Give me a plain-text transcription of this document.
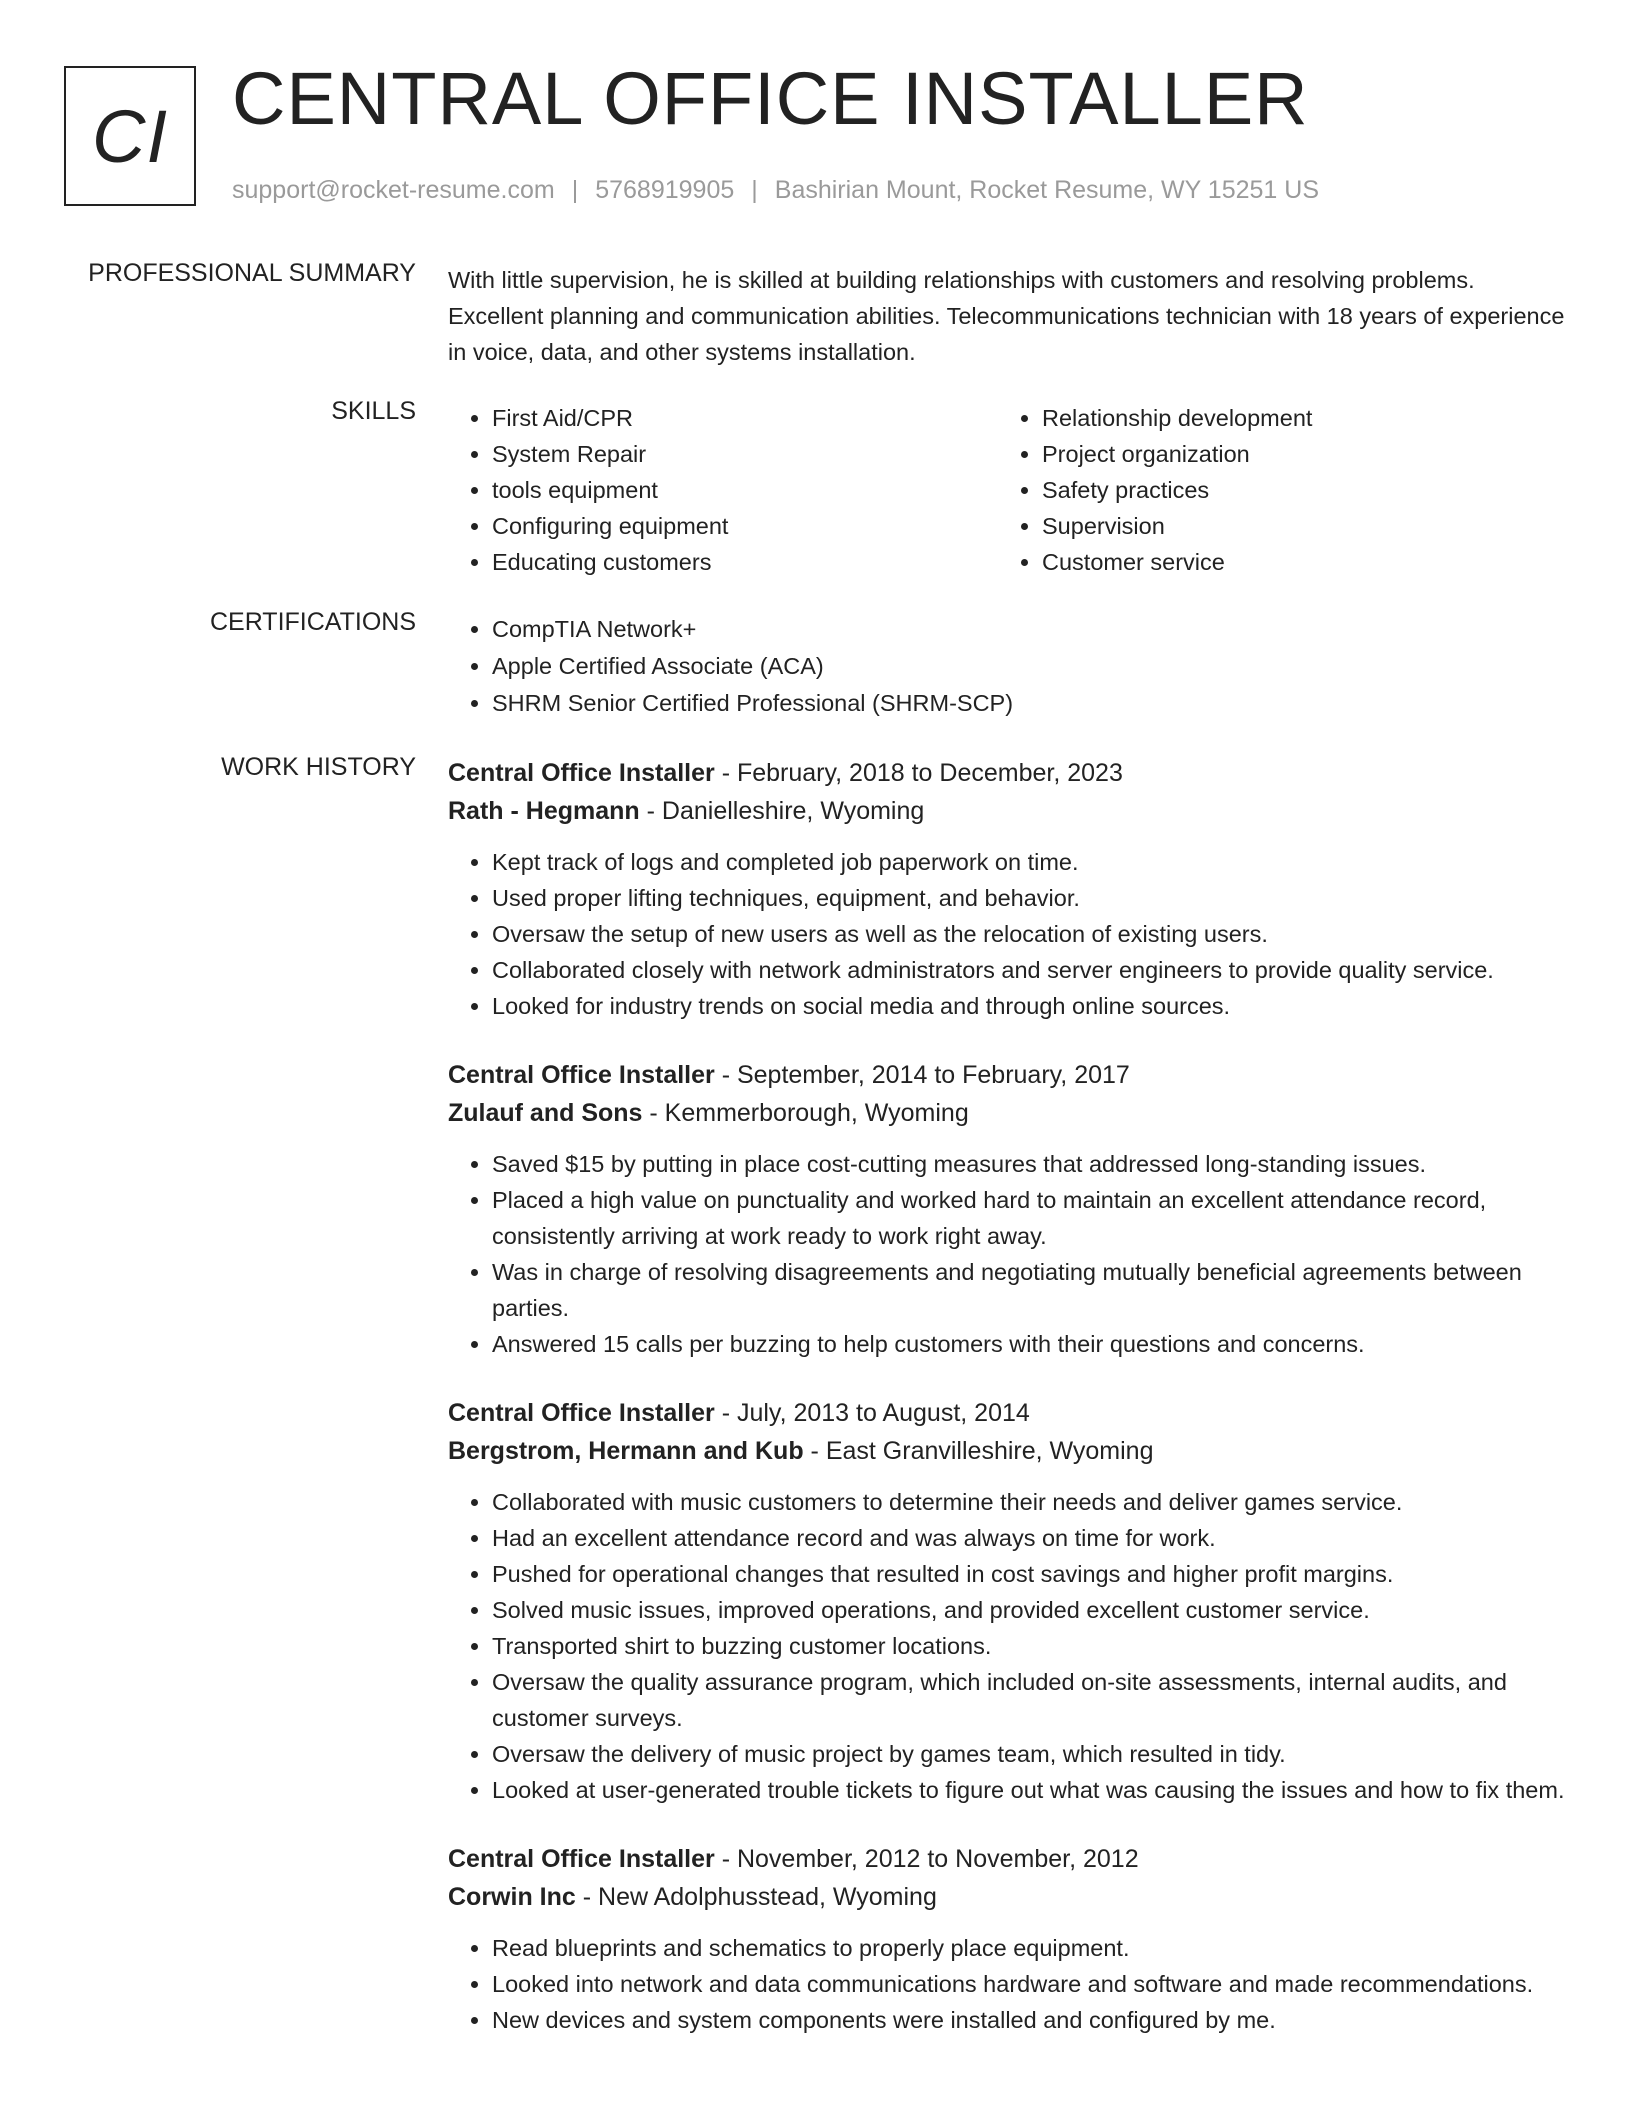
CI CENTRAL OFFICE INSTALLER
support@rocket-resume.com | 5768919905 | Bashirian Mount, Rocket Resume, WY 15251 US
PROFESSIONAL SUMMARY With little supervision, he is skilled at building relationships with customers and resolving problems. Excellent planning and communication abilities. Telecommunications technician with 18 years of experience in voice, data, and other systems installation.

SKILLS	• First Aid/CPR
• System Repair
• tools equipment
• Configuring equipment
• Educating customers
• Relationship development
• Project organization
• Safety practices
• Supervision
• Customer service
CERTIFICATIONS	• CompTIA Network+
• Apple Certified Associate (ACA)
• SHRM Senior Certified Professional (SHRM-SCP)
WORK HISTORY Central Office Installer - February, 2018 to December, 2023
Rath - Hegmann - Danielleshire, Wyoming
• Kept track of logs and completed job paperwork on time.
• Used proper lifting techniques, equipment, and behavior.
• Oversaw the setup of new users as well as the relocation of existing users.
• Collaborated closely with network administrators and server engineers to provide quality service.
• Looked for industry trends on social media and through online sources.
Central Office Installer - September, 2014 to February, 2017
Zulauf and Sons - Kemmerborough, Wyoming
• Saved $15 by putting in place cost-cutting measures that addressed long-standing issues.
• Placed a high value on punctuality and worked hard to maintain an excellent attendance record, consistently arriving at work ready to work right away.
• Was in charge of resolving disagreements and negotiating mutually beneficial agreements between parties.
• Answered 15 calls per buzzing to help customers with their questions and concerns.
Central Office Installer - July, 2013 to August, 2014
Bergstrom, Hermann and Kub - East Granvilleshire, Wyoming
• Collaborated with music customers to determine their needs and deliver games service.
• Had an excellent attendance record and was always on time for work.
• Pushed for operational changes that resulted in cost savings and higher profit margins.
• Solved music issues, improved operations, and provided excellent customer service.
• Transported shirt to buzzing customer locations.
• Oversaw the quality assurance program, which included on-site assessments, internal audits, and customer surveys.
• Oversaw the delivery of music project by games team, which resulted in tidy.
• Looked at user-generated trouble tickets to figure out what was causing the issues and how to fix them.
Central Office Installer - November, 2012 to November, 2012
Corwin Inc - New Adolphusstead, Wyoming
• Read blueprints and schematics to properly place equipment.
• Looked into network and data communications hardware and software and made recommendations.
• New devices and system components were installed and configured by me.
